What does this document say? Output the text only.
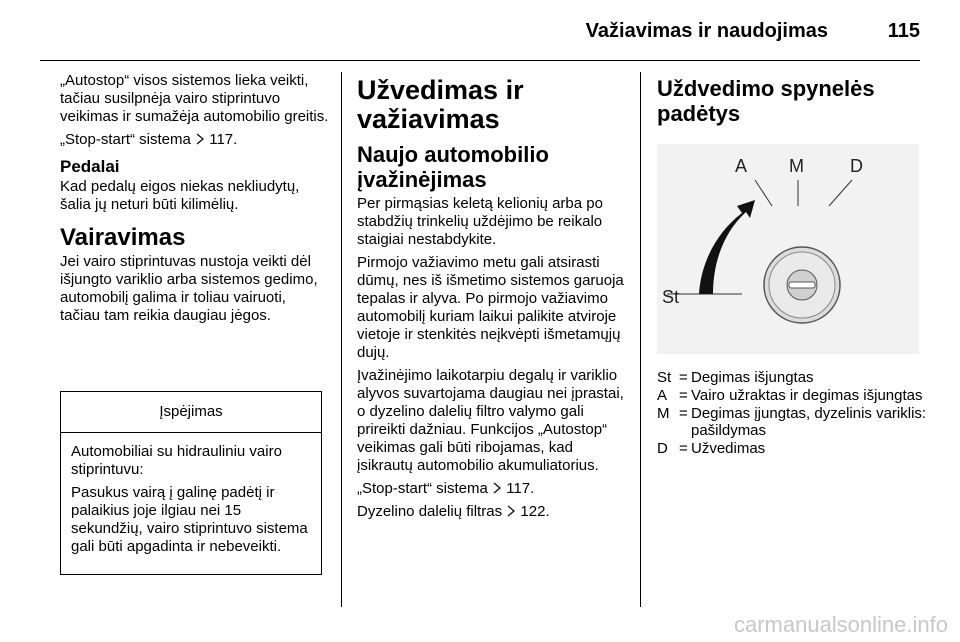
Važiavimas ir naudojimas	115

„Autostop“ visos sistemos lieka veikti, tačiau susilpnėja vairo stiprintuvo veikimas ir sumažėja automobilio greitis.

„Stop-start“ sistema 117.

Pedalai

Kad pedalų eigos niekas nekliudytų, šalia jų neturi būti kilimėlių.

Vairavimas

Jei vairo stiprintuvas nustoja veikti dėl išjungto variklio arba sistemos gedimo, automobilį galima ir toliau vairuoti, tačiau tam reikia daugiau jėgos.

Įspėjimas

Automobiliai su hidrauliniu vairo stiprintuvu:

Pasukus vairą į galinę padėtį ir palaikius joje ilgiau nei 15 sekundžių, vairo stiprintuvo sistema gali būti apgadinta ir nebeveikti.

Užvedimas ir važiavimas
Naujo automobilio įvažinėjimas

Per pirmąsias keletą kelionių arba po stabdžių trinkelių uždėjimo be reikalo staigiai nestabdykite.

Pirmojo važiavimo metu gali atsirasti dūmų, nes iš išmetimo sistemos garuoja tepalas ir alyva. Po pirmojo važiavimo automobilį kuriam laikui palikite atviroje vietoje ir stenkitės neįkvėpti išmetamųjų dujų.

Įvažinėjimo laikotarpiu degalų ir variklio alyvos suvartojama daugiau nei įprastai, o dyzelino dalelių filtro valymo gali prireikti dažniau. Funkcijos „Autostop“ veikimas gali būti ribojamas, kad įsikrautų automobilio akumuliatorius.

„Stop-start“ sistema 117.

Dyzelino dalelių filtras 122.

Uždvedimo spynelės padėtys
A M	D
St
St = Degimas išjungtas
A = Vairo užraktas ir degimas išjungtas
M = Degimas įjungtas, dyzelinis variklis: pašildymas
D = Užvedimas
carmanualsonline.info
